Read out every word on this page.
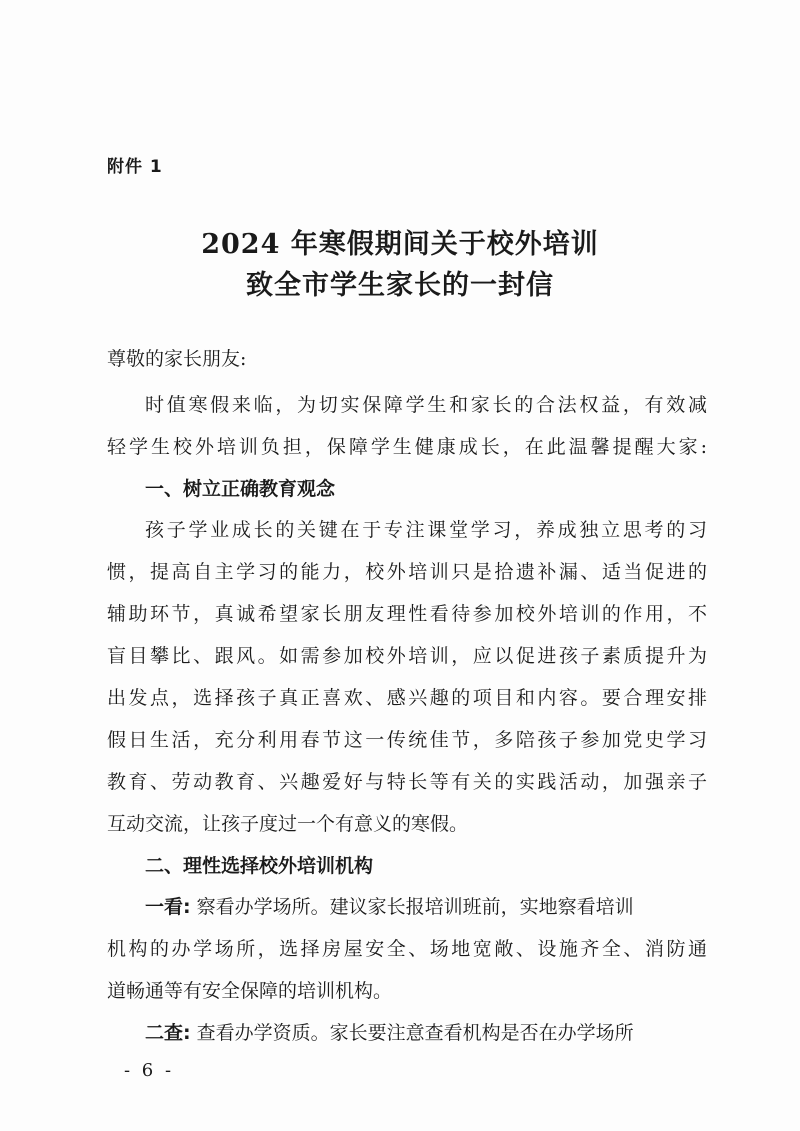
附件 1
2024 年寒假期间关于校外培训
致全市学生家长的一封信
尊敬的家长朋友:
时值寒假来临，为切实保障学生和家长的合法权益，有效减
轻学生校外培训负担，保障学生健康成长，在此温馨提醒大家:
一、树立正确教育观念
孩子学业成长的关键在于专注课堂学习，养成独立思考的习
惯，提高自主学习的能力，校外培训只是拾遗补漏、适当促进的
辅助环节，真诚希望家长朋友理性看待参加校外培训的作用，不
盲目攀比、跟风。如需参加校外培训，应以促进孩子素质提升为
出发点，选择孩子真正喜欢、感兴趣的项目和内容。要合理安排
假日生活，充分利用春节这一传统佳节，多陪孩子参加党史学习
教育、劳动教育、兴趣爱好与特长等有关的实践活动，加强亲子
互动交流，让孩子度过一个有意义的寒假。
二、理性选择校外培训机构
一看: 察看办学场所。建议家长报培训班前，实地察看培训
机构的办学场所，选择房屋安全、场地宽敞、设施齐全、消防通
道畅通等有安全保障的培训机构。
二查: 查看办学资质。家长要注意查看机构是否在办学场所
- 6 -
